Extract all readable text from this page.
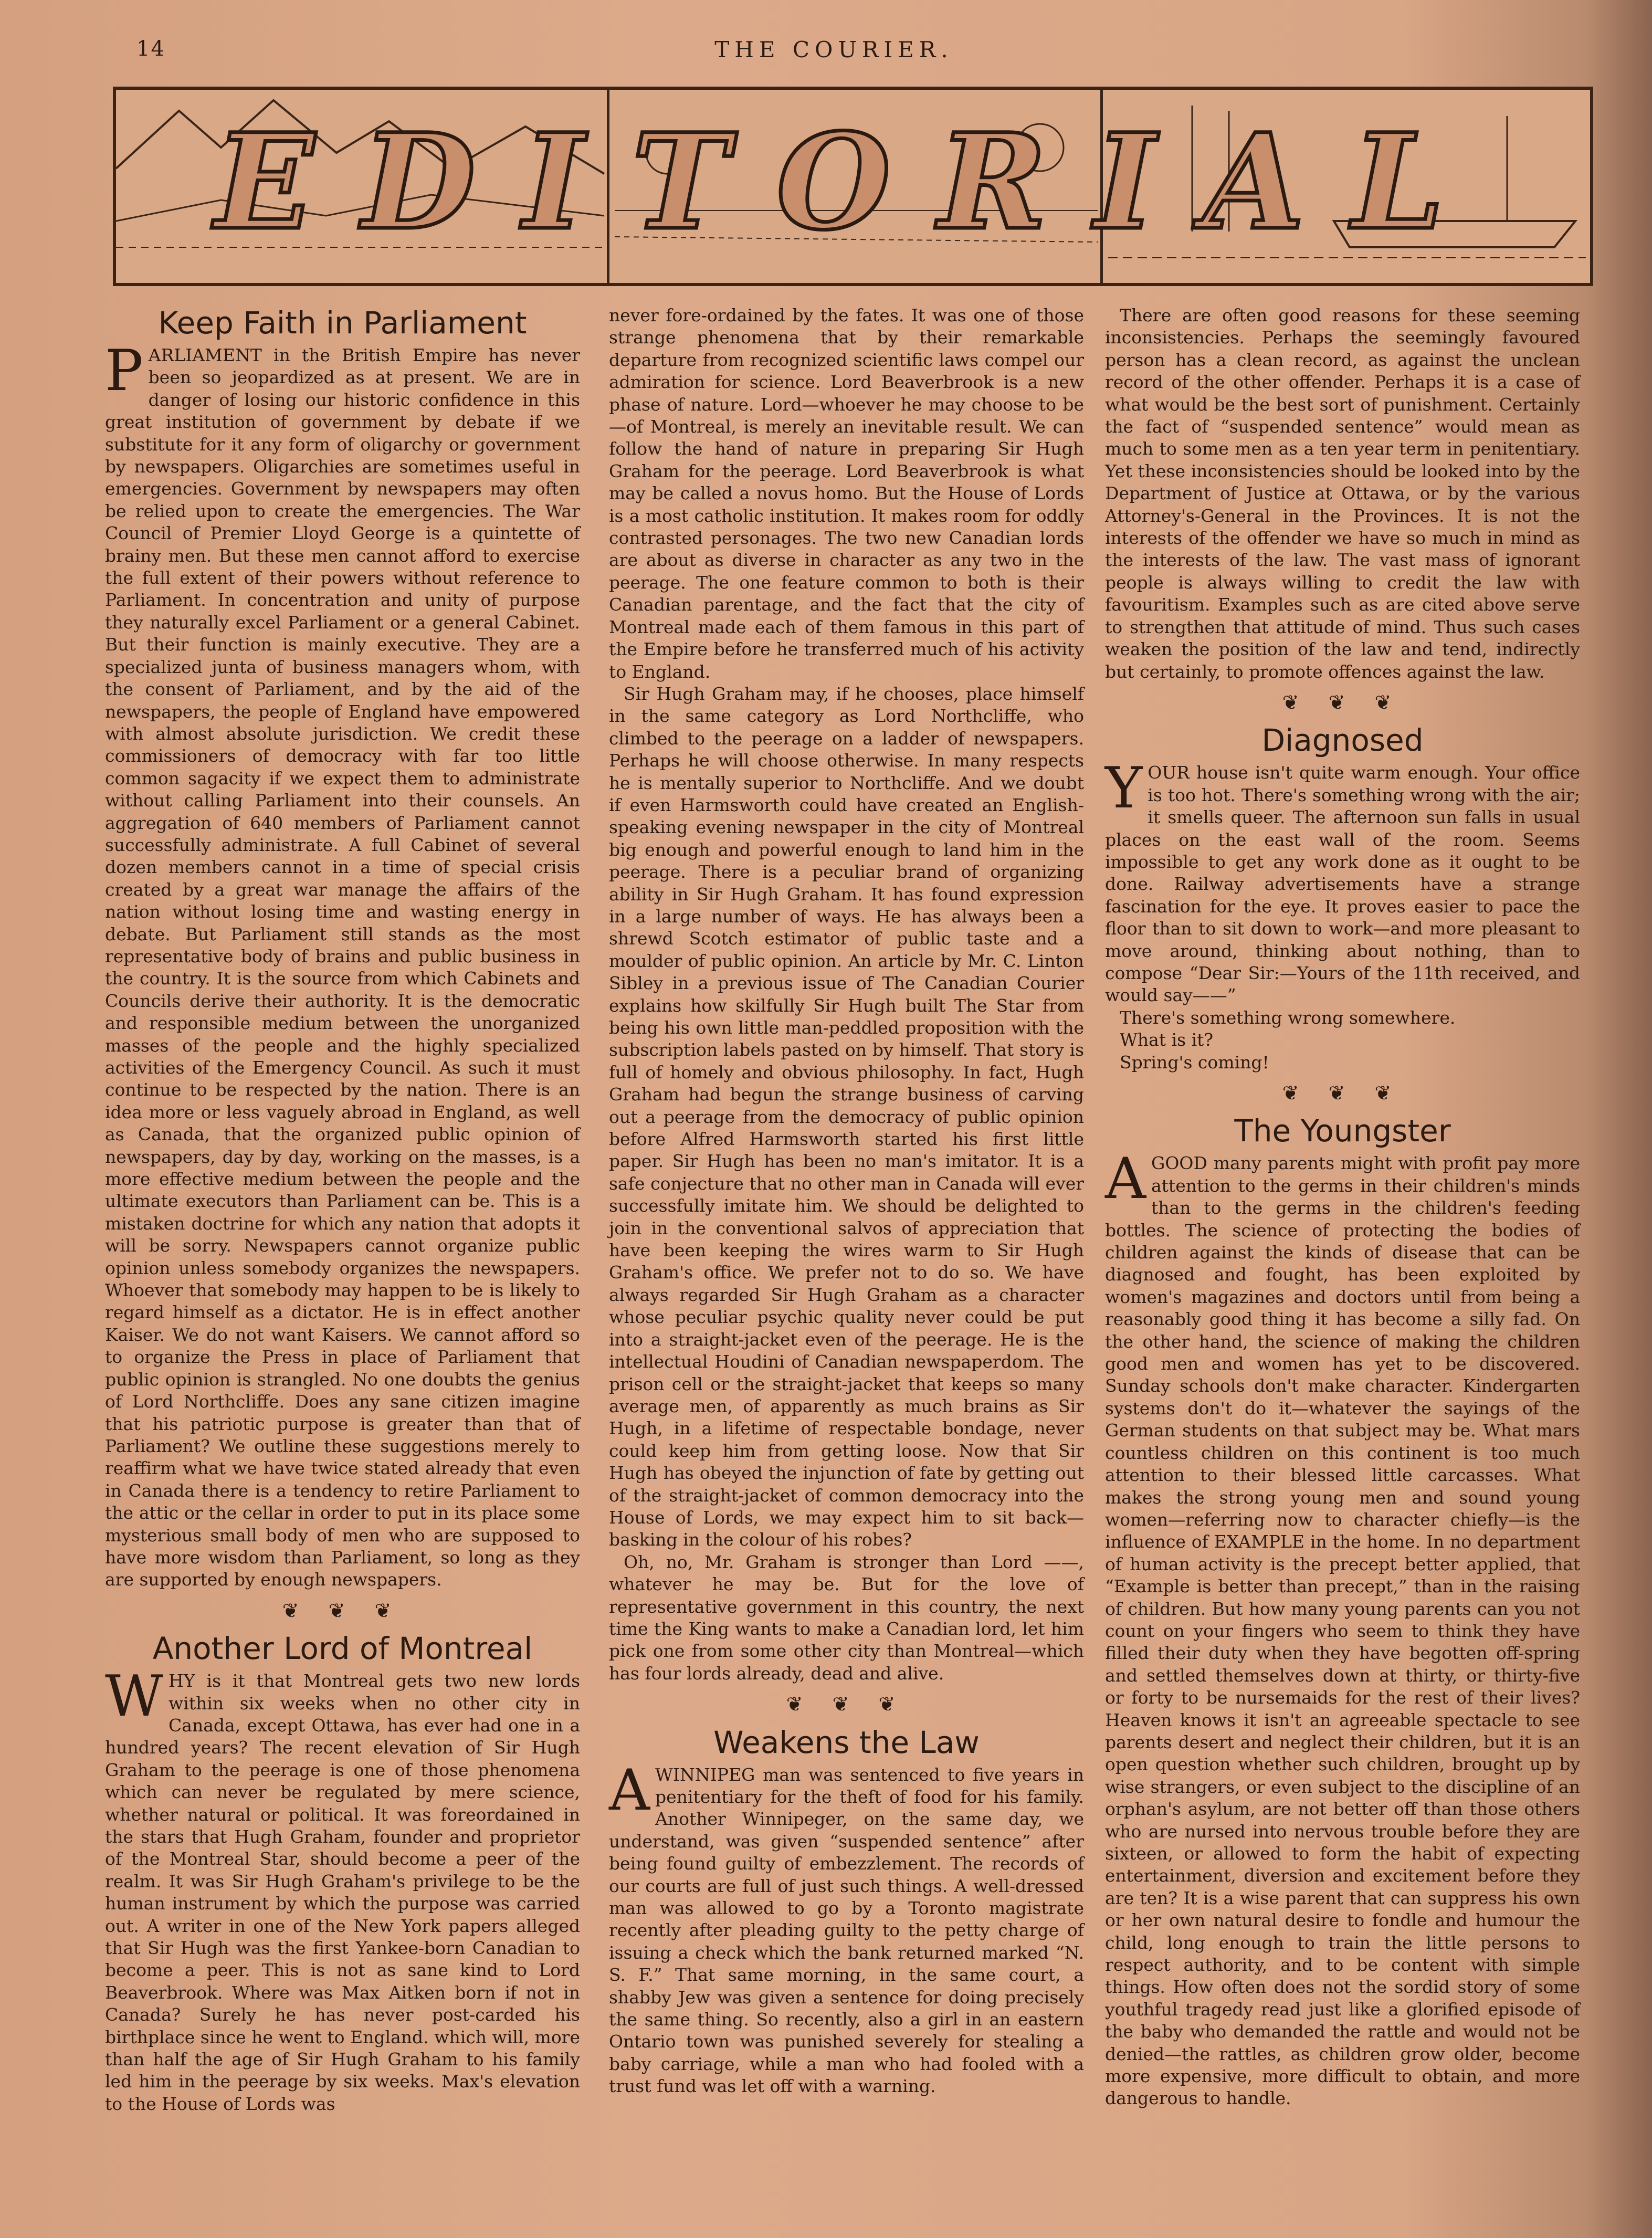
14	THE COURIER.
EDITORIAL
Keep Faith in Parliament
P ARLIAMENT in the British Empire has never been so jeopardized as at present. We are in danger of losing our historic confidence in this great institution of government by debate if we substitute for it any form of oligarchy or government by newspapers. Oligarchies are sometimes useful in emergencies. Government by newspapers may often be relied upon to create the emergencies. The War Council of Premier Lloyd George is a quintette of brainy men. But these men cannot afford to exercise the full extent of their powers without reference to Parliament. In concentration and unity of purpose they naturally excel Parliament or a general Cabinet. But their function is mainly executive. They are a specialized junta of business managers whom, with the consent of Parliament, and by the aid of the newspapers, the people of England have empowered with almost absolute jurisdiction. We credit these commissioners of democracy with far too little common sagacity if we expect them to administrate without calling Parliament into their counsels. An aggregation of 640 members of Parliament cannot successfully administrate. A full Cabinet of several dozen members cannot in a time of special crisis created by a great war manage the affairs of the nation without losing time and wasting energy in debate. But Parliament still stands as the most representative body of brains and public business in the country. It is the source from which Cabinets and Councils derive their authority. It is the democratic and responsible medium between the unorganized masses of the people and the highly specialized activities of the Emergency Council. As such it must continue to be respected by the nation. There is an idea more or less vaguely abroad in England, as well as Canada, that the organized public opinion of newspapers, day by day, working on the masses, is a more effective medium between the people and the ultimate executors than Parliament can be. This is a mistaken doctrine for which any nation that adopts it will be sorry. Newspapers cannot organize public opinion unless somebody organizes the newspapers. Whoever that somebody may happen to be is likely to regard himself as a dictator. He is in effect another Kaiser. We do not want Kaisers. We cannot afford so to organize the Press in place of Parliament that public opinion is strangled. No one doubts the genius of Lord Northcliffe. Does any sane citizen imagine that his patriotic purpose is greater than that of Parliament? We outline these suggestions merely to reaffirm what we have twice stated already that even in Canada there is a tendency to retire Parliament to the attic or the cellar in order to put in its place some mysterious small body of men who are supposed to have more wisdom than Parliament, so long as they are supported by enough newspapers.

❦ ❦ ❦
Another Lord of Montreal
W HY is it that Montreal gets two new lords within six weeks when no other city in Canada, except Ottawa, has ever had one in a hundred years? The recent elevation of Sir Hugh Graham to the peerage is one of those phenomena which can never be regulated by mere science, whether natural or political. It was foreordained in the stars that Hugh Graham, founder and proprietor of the Montreal Star, should become a peer of the realm. It was Sir Hugh Graham's privilege to be the human instrument by which the purpose was carried out. A writer in one of the New York papers alleged that Sir Hugh was the first Yankee-born Canadian to become a peer. This is not as sane kind to Lord Beaverbrook. Where was Max Aitken born if not in Canada? Surely he has never post-carded his birthplace since he went to England. which will, more than half the age of Sir Hugh Graham to his family led him in the peerage by six weeks. Max's elevation to the House of Lords was

never fore-ordained by the fates. It was one of those strange phenomena that by their remarkable departure from recognized scientific laws compel our admiration for science. Lord Beaverbrook is a new phase of nature. Lord—whoever he may choose to be—of Montreal, is merely an inevitable result. We can follow the hand of nature in preparing Sir Hugh Graham for the peerage. Lord Beaverbrook is what may be called a novus homo. But the House of Lords is a most catholic institution. It makes room for oddly contrasted personages. The two new Canadian lords are about as diverse in character as any two in the peerage. The one feature common to both is their Canadian parentage, and the fact that the city of Montreal made each of them famous in this part of the Empire before he transferred much of his activity to England.

Sir Hugh Graham may, if he chooses, place himself in the same category as Lord Northcliffe, who climbed to the peerage on a ladder of newspapers. Perhaps he will choose otherwise. In many respects he is mentally superior to Northcliffe. And we doubt if even Harmsworth could have created an English-speaking evening newspaper in the city of Montreal big enough and powerful enough to land him in the peerage. There is a peculiar brand of organizing ability in Sir Hugh Graham. It has found expression in a large number of ways. He has always been a shrewd Scotch estimator of public taste and a moulder of public opinion. An article by Mr. C. Linton Sibley in a previous issue of The Canadian Courier explains how skilfully Sir Hugh built The Star from being his own little man-peddled proposition with the subscription labels pasted on by himself. That story is full of homely and obvious philosophy. In fact, Hugh Graham had begun the strange business of carving out a peerage from the democracy of public opinion before Alfred Harmsworth started his first little paper. Sir Hugh has been no man's imitator. It is a safe conjecture that no other man in Canada will ever successfully imitate him. We should be delighted to join in the conventional salvos of appreciation that have been keeping the wires warm to Sir Hugh Graham's office. We prefer not to do so. We have always regarded Sir Hugh Graham as a character whose peculiar psychic quality never could be put into a straight-jacket even of the peerage. He is the intellectual Houdini of Canadian newspaperdom. The prison cell or the straight-jacket that keeps so many average men, of apparently as much brains as Sir Hugh, in a lifetime of respectable bondage, never could keep him from getting loose. Now that Sir Hugh has obeyed the injunction of fate by getting out of the straight-jacket of common democracy into the House of Lords, we may expect him to sit back—basking in the colour of his robes?

Oh, no, Mr. Graham is stronger than Lord ——, whatever he may be. But for the love of representative government in this country, the next time the King wants to make a Canadian lord, let him pick one from some other city than Montreal—which has four lords already, dead and alive.

❦ ❦ ❦
Weakens the Law
A WINNIPEG man was sentenced to five years in penitentiary for the theft of food for his family. Another Winnipeger, on the same day, we understand, was given “suspended sentence” after being found guilty of embezzlement. The records of our courts are full of just such things. A well-dressed man was allowed to go by a Toronto magistrate recently after pleading guilty to the petty charge of issuing a check which the bank returned marked “N. S. F.” That same morning, in the same court, a shabby Jew was given a sentence for doing precisely the same thing. So recently, also a girl in an eastern Ontario town was punished severely for stealing a baby carriage, while a man who had fooled with a trust fund was let off with a warning.

There are often good reasons for these seeming inconsistencies. Perhaps the seemingly favoured person has a clean record, as against the unclean record of the other offender. Perhaps it is a case of what would be the best sort of punishment. Certainly the fact of “suspended sentence” would mean as much to some men as a ten year term in penitentiary. Yet these inconsistencies should be looked into by the Department of Justice at Ottawa, or by the various Attorney's-General in the Provinces. It is not the interests of the offender we have so much in mind as the interests of the law. The vast mass of ignorant people is always willing to credit the law with favouritism. Examples such as are cited above serve to strengthen that attitude of mind. Thus such cases weaken the position of the law and tend, indirectly but certainly, to promote offences against the law.

❦ ❦ ❦
Diagnosed
Y OUR house isn't quite warm enough. Your office is too hot. There's something wrong with the air; it smells queer. The afternoon sun falls in usual places on the east wall of the room. Seems impossible to get any work done as it ought to be done. Railway advertisements have a strange fascination for the eye. It proves easier to pace the floor than to sit down to work—and more pleasant to move around, thinking about nothing, than to compose “Dear Sir:—Yours of the 11th received, and would say——”

There's something wrong somewhere.

What is it?

Spring's coming!

❦ ❦ ❦
The Youngster
A GOOD many parents might with profit pay more attention to the germs in their children's minds than to the germs in the children's feeding bottles. The science of protecting the bodies of children against the kinds of disease that can be diagnosed and fought, has been exploited by women's magazines and doctors until from being a reasonably good thing it has become a silly fad. On the other hand, the science of making the children good men and women has yet to be discovered. Sunday schools don't make character. Kindergarten systems don't do it—whatever the sayings of the German students on that subject may be. What mars countless children on this continent is too much attention to their blessed little carcasses. What makes the strong young men and sound young women—referring now to character chiefly—is the influence of EXAMPLE in the home. In no department of human activity is the precept better applied, that “Example is better than precept,” than in the raising of children. But how many young parents can you not count on your fingers who seem to think they have filled their duty when they have begotten off-spring and settled themselves down at thirty, or thirty-five or forty to be nursemaids for the rest of their lives? Heaven knows it isn't an agreeable spectacle to see parents desert and neglect their children, but it is an open question whether such children, brought up by wise strangers, or even subject to the discipline of an orphan's asylum, are not better off than those others who are nursed into nervous trouble before they are sixteen, or allowed to form the habit of expecting entertainment, diversion and excitement before they are ten? It is a wise parent that can suppress his own or her own natural desire to fondle and humour the child, long enough to train the little persons to respect authority, and to be content with simple things. How often does not the sordid story of some youthful tragedy read just like a glorified episode of the baby who demanded the rattle and would not be denied—the rattles, as children grow older, become more expensive, more difficult to obtain, and more dangerous to handle.
